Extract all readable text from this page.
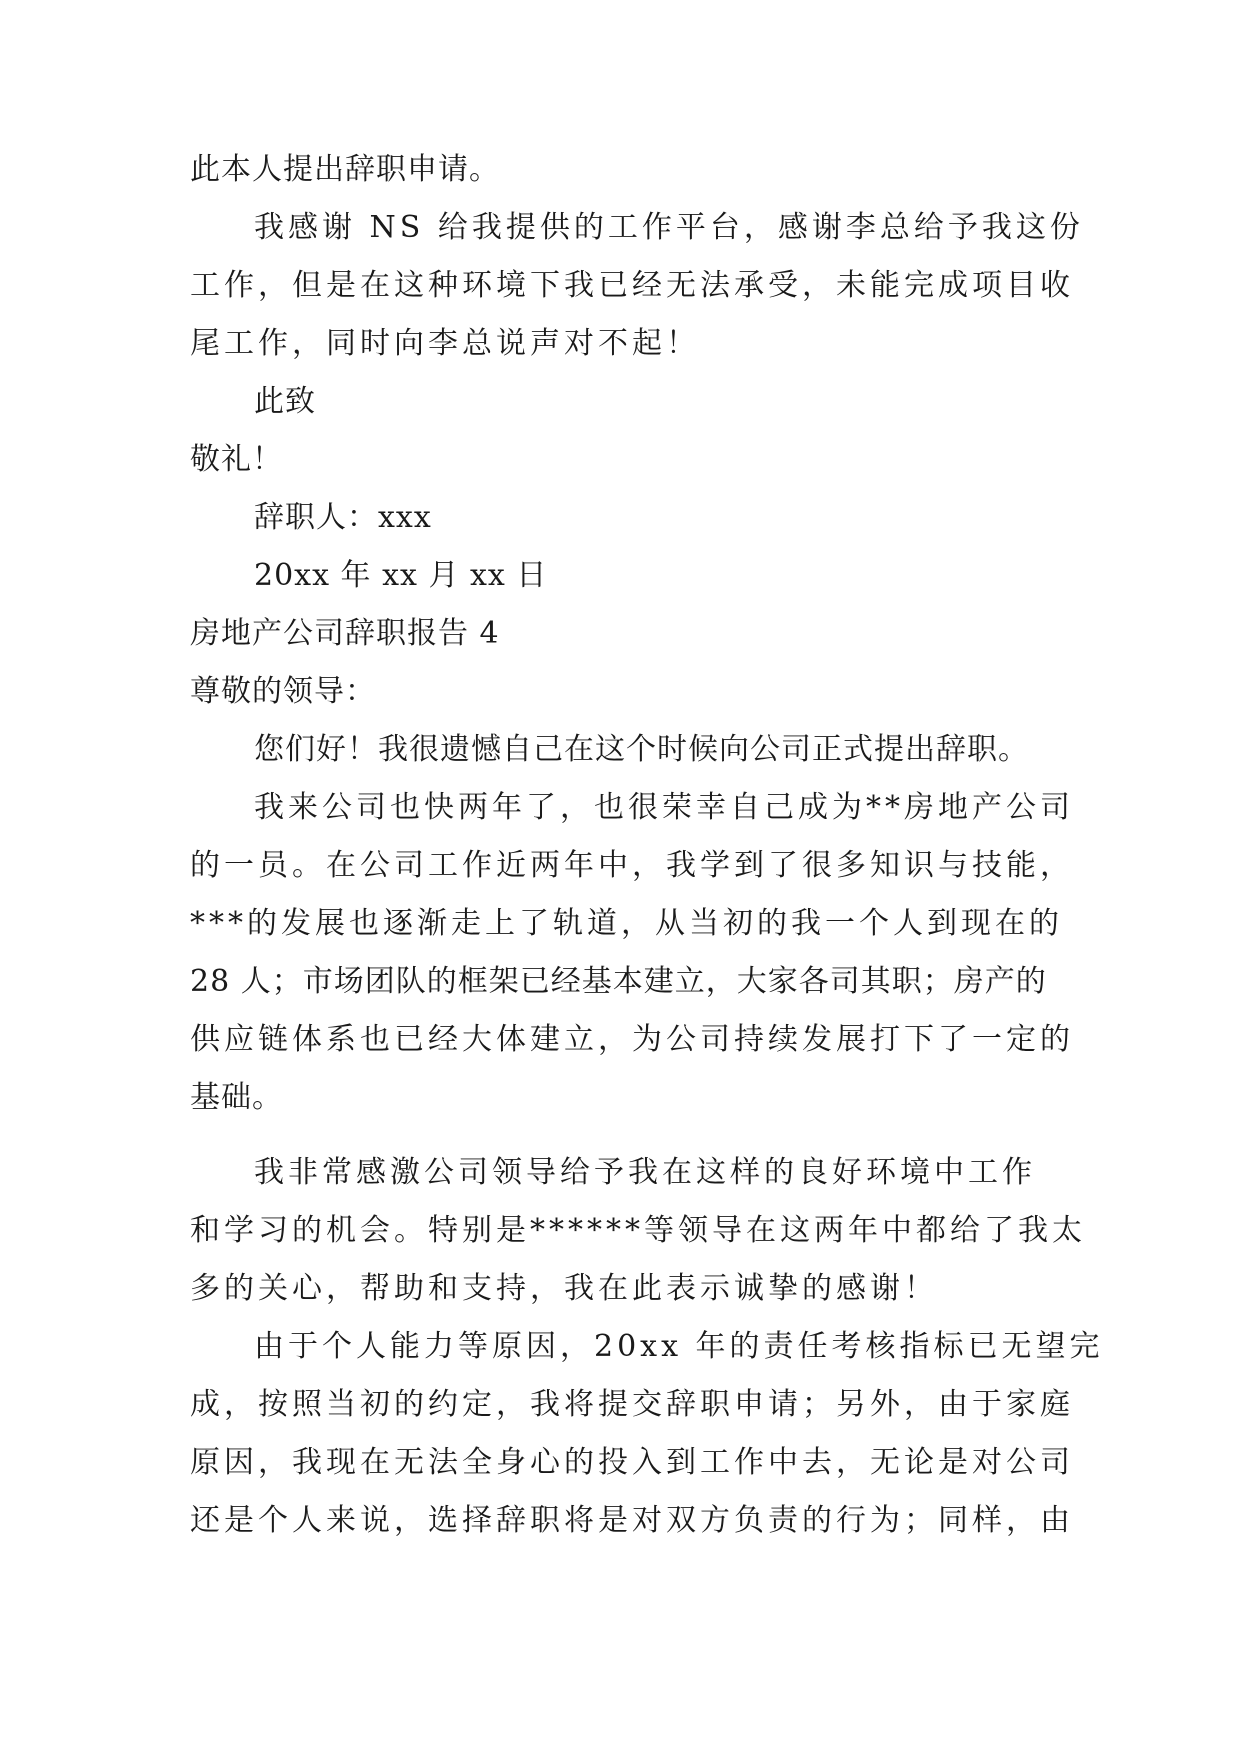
此本人提出辞职申请。
我感谢 NS 给我提供的工作平台，感谢李总给予我这份
工作，但是在这种环境下我已经无法承受，未能完成项目收
尾工作，同时向李总说声对不起！
此致
敬礼！
辞职人：xxx
20xx 年 xx 月 xx 日
房地产公司辞职报告 4
尊敬的领导：
您们好！我很遗憾自己在这个时候向公司正式提出辞职。
我来公司也快两年了，也很荣幸自己成为**房地产公司
的一员。在公司工作近两年中，我学到了很多知识与技能，
***的发展也逐渐走上了轨道，从当初的我一个人到现在的
28 人；市场团队的框架已经基本建立，大家各司其职；房产的
供应链体系也已经大体建立，为公司持续发展打下了一定的
基础。
我非常感激公司领导给予我在这样的良好环境中工作
和学习的机会。特别是******等领导在这两年中都给了我太
多的关心，帮助和支持，我在此表示诚挚的感谢！
由于个人能力等原因，20xx 年的责任考核指标已无望完
成，按照当初的约定，我将提交辞职申请；另外，由于家庭
原因，我现在无法全身心的投入到工作中去，无论是对公司
还是个人来说，选择辞职将是对双方负责的行为；同样，由
